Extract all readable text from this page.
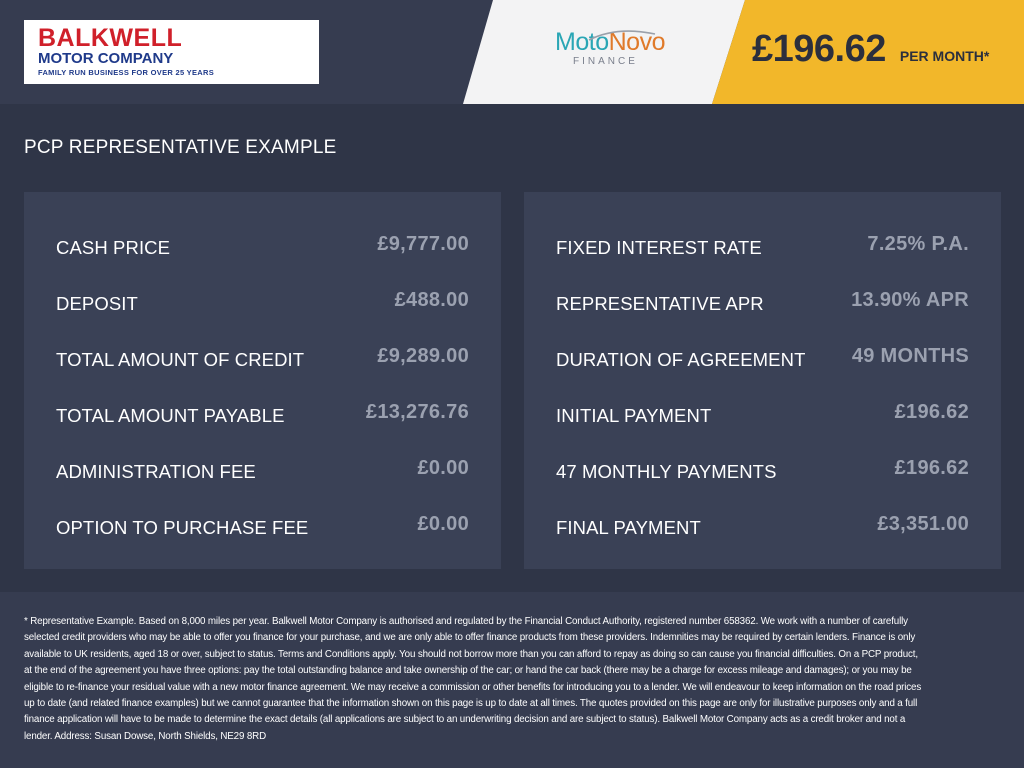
BALKWELL
MOTOR COMPANY
FAMILY RUN BUSINESS FOR OVER 25 YEARS
MotoNovo
FINANCE	£196.62 PER MONTH*
PCP REPRESENTATIVE EXAMPLE
CASH PRICE	£9,777.00
DEPOSIT	£488.00
TOTAL AMOUNT OF CREDIT	£9,289.00
TOTAL AMOUNT PAYABLE	£13,276.76
ADMINISTRATION FEE	£0.00
OPTION TO PURCHASE FEE	£0.00
FIXED INTEREST RATE	7.25% P.A.
REPRESENTATIVE APR	13.90% APR
DURATION OF AGREEMENT 49 MONTHS
INITIAL PAYMENT	£196.62
47 MONTHLY PAYMENTS	£196.62
FINAL PAYMENT	£3,351.00

* Representative Example. Based on 8,000 miles per year. Balkwell Motor Company is authorised and regulated by the Financial Conduct Authority, registered number 658362. We work with a number of carefully selected credit providers who may be able to offer you finance for your purchase, and we are only able to offer finance products from these providers. Indemnities may be required by certain lenders. Finance is only available to UK residents, aged 18 or over, subject to status. Terms and Conditions apply. You should not borrow more than you can afford to repay as doing so can cause you financial difficulties. On a PCP product, at the end of the agreement you have three options: pay the total outstanding balance and take ownership of the car; or hand the car back (there may be a charge for excess mileage and damages); or you may be eligible to re-finance your residual value with a new motor finance agreement. We may receive a commission or other benefits for introducing you to a lender. We will endeavour to keep information on the road prices up to date (and related finance examples) but we cannot guarantee that the information shown on this page is up to date at all times. The quotes provided on this page are only for illustrative purposes only and a full finance application will have to be made to determine the exact details (all applications are subject to an underwriting decision and are subject to status). Balkwell Motor Company acts as a credit broker and not a lender. Address: Susan Dowse, North Shields, NE29 8RD
